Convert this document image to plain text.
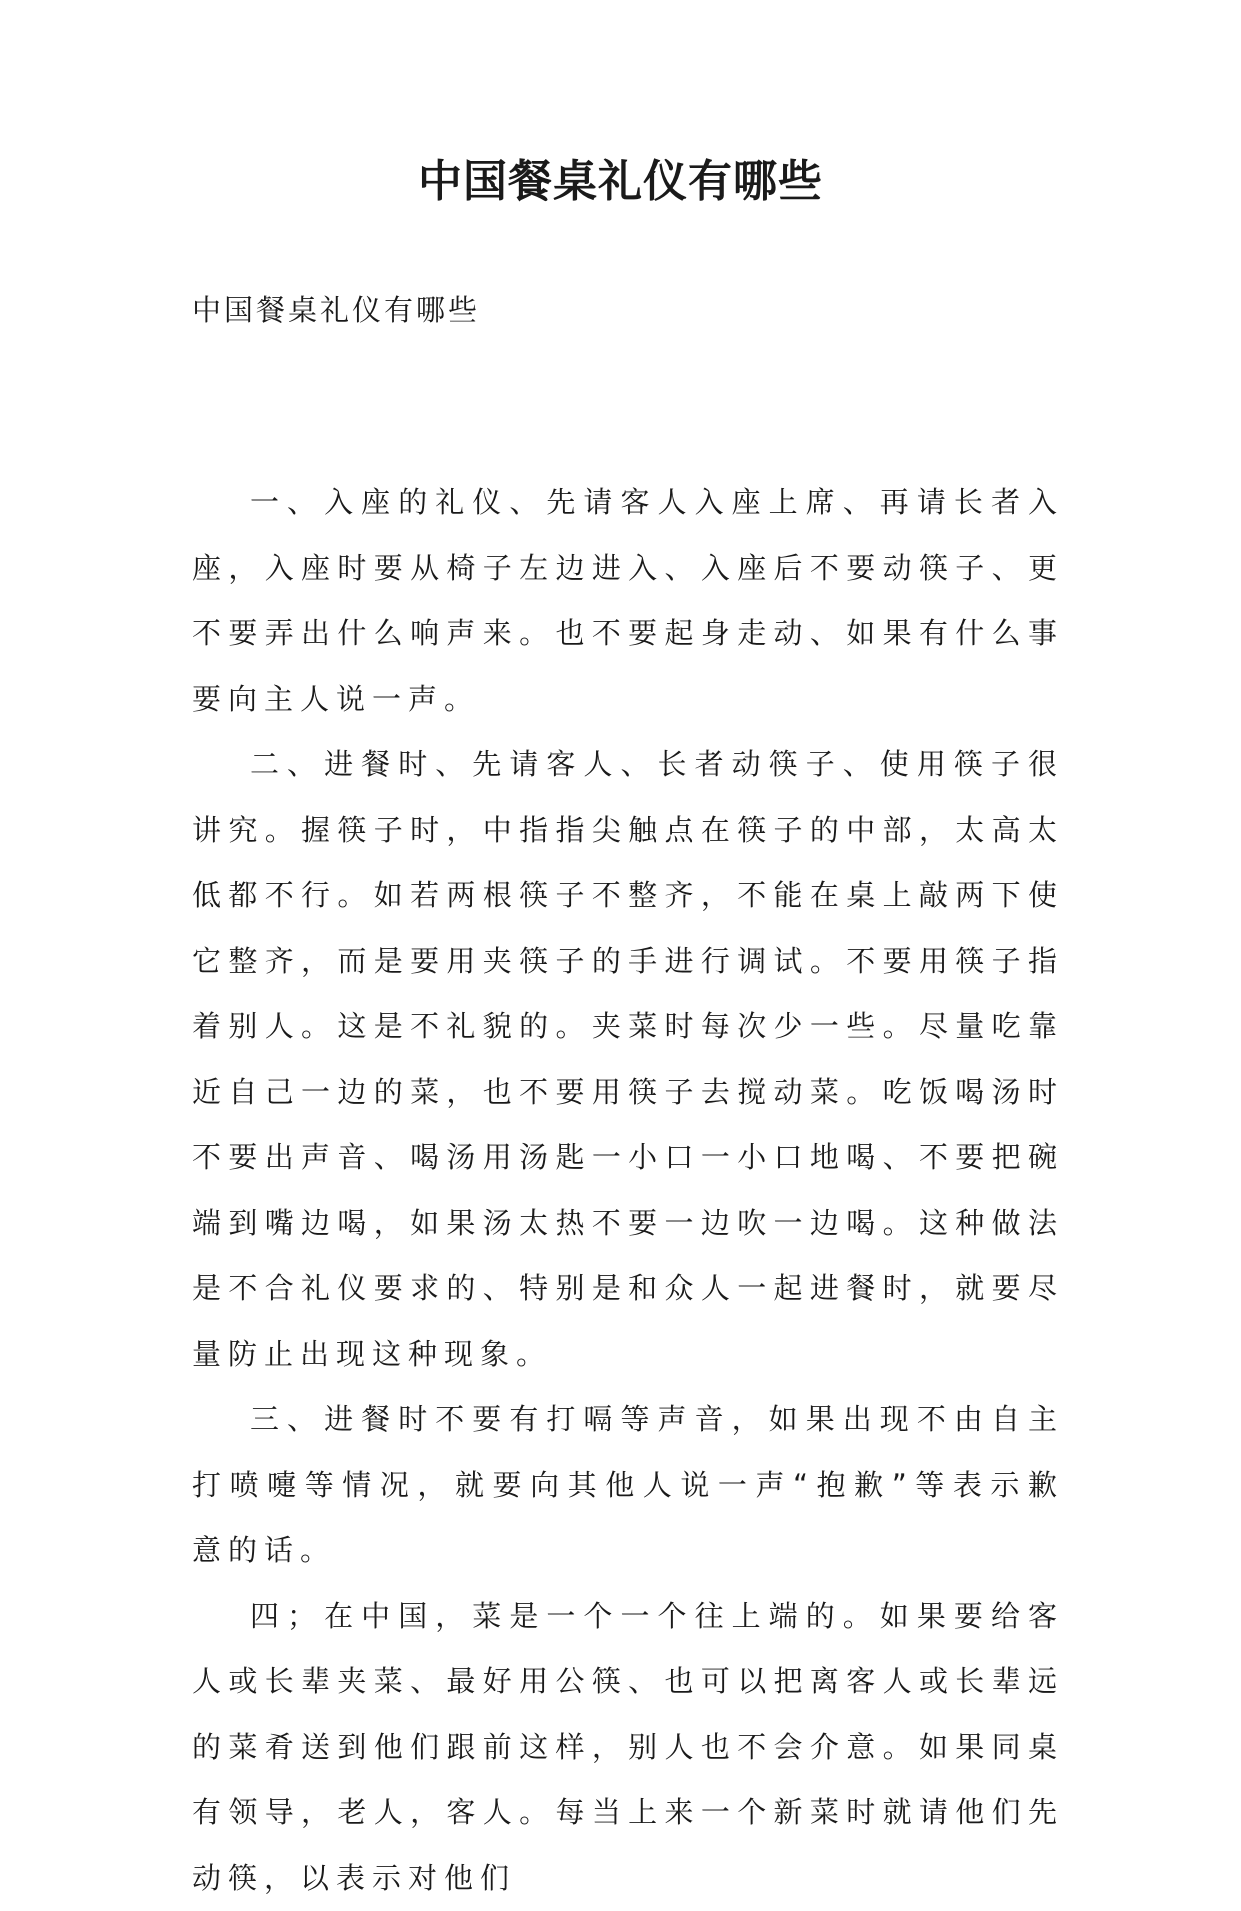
中国餐桌礼仪有哪些
中国餐桌礼仪有哪些

一、入座的礼仪、先请客人入座上席、再请长者入座，入座时要从椅子左边进入、入座后不要动筷子、更不要弄出什么响声来。也不要起身走动、如果有什么事要向主人说一声。

二、进餐时、先请客人、长者动筷子、使用筷子很讲究。握筷子时，中指指尖触点在筷子的中部，太高太低都不行。如若两根筷子不整齐，不能在桌上敲两下使它整齐，而是要用夹筷子的手进行调试。不要用筷子指着别人。这是不礼貌的。夹菜时每次少一些。尽量吃靠近自己一边的菜，也不要用筷子去搅动菜。吃饭喝汤时不要出声音、喝汤用汤匙一小口一小口地喝、不要把碗端到嘴边喝，如果汤太热不要一边吹一边喝。这种做法是不合礼仪要求的、特别是和众人一起进餐时，就要尽量防止出现这种现象。

三、进餐时不要有打嗝等声音，如果出现不由自主打喷嚏等情况，就要向其他人说一声“抱歉”等表示歉意的话。

四；在中国，菜是一个一个往上端的。如果要给客人或长辈夹菜、最好用公筷、也可以把离客人或长辈远的菜肴送到他们跟前这样，别人也不会介意。如果同桌有领导，老人，客人。每当上来一个新菜时就请他们先动筷，以表示对他们
